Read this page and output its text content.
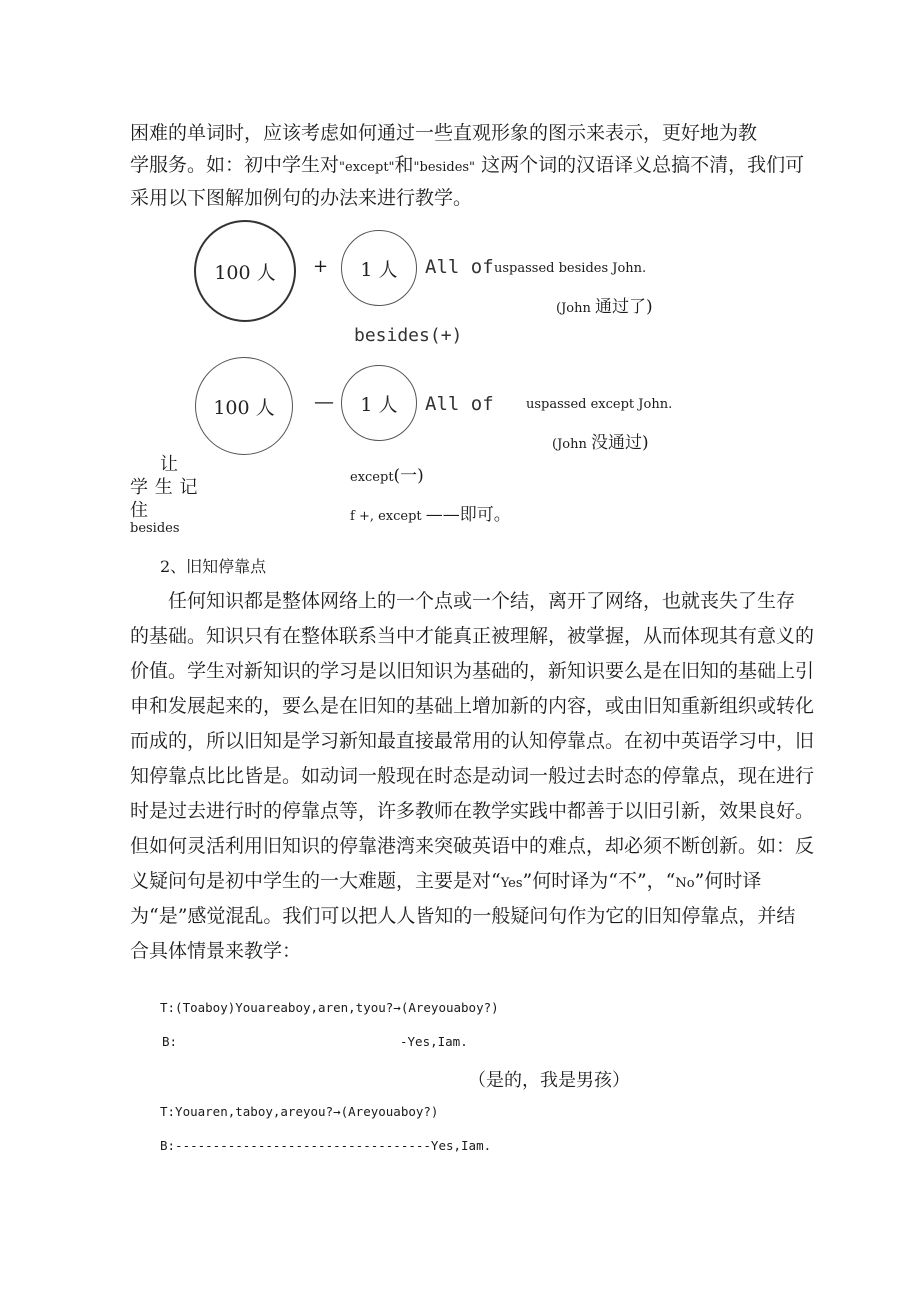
困难的单词时，应该考虑如何通过一些直观形象的图示来表示，更好地为教
学服务。如：初中学生对"except"和"besides" 这两个词的汉语译义总搞不清，我们可
采用以下图解加例句的办法来进行教学。
100 人 + 1 人 All of uspassed besides John.
(John 通过了)
besides(+)
100 人 — 1 人 All of uspassed except John.
(John 没通过)
让
学 生 记
住
besides
except(一)
f +, except ——即可。
2、旧知停靠点
任何知识都是整体网络上的一个点或一个结，离开了网络，也就丧失了生存
的基础。知识只有在整体联系当中才能真正被理解，被掌握，从而体现其有意义的
价值。学生对新知识的学习是以旧知识为基础的，新知识要么是在旧知的基础上引
申和发展起来的，要么是在旧知的基础上增加新的内容，或由旧知重新组织或转化
而成的，所以旧知是学习新知最直接最常用的认知停靠点。在初中英语学习中，旧
知停靠点比比皆是。如动词一般现在时态是动词一般过去时态的停靠点，现在进行
时是过去进行时的停靠点等，许多教师在教学实践中都善于以旧引新，效果良好。
但如何灵活利用旧知识的停靠港湾来突破英语中的难点，却必须不断创新。如：反
义疑问句是初中学生的一大难题，主要是对“Yes”何时译为“不”，“No”何时译
为“是”感觉混乱。我们可以把人人皆知的一般疑问句作为它的旧知停靠点，并结
合具体情景来教学：
T:(Toaboy)Youareaboy,aren,tyou?→(Areyouaboy?)
B:	-Yes,Iam.
（是的，我是男孩）
T:Youaren,taboy,areyou?→(Areyouaboy?)
B:----------------------------------Yes,Iam.
